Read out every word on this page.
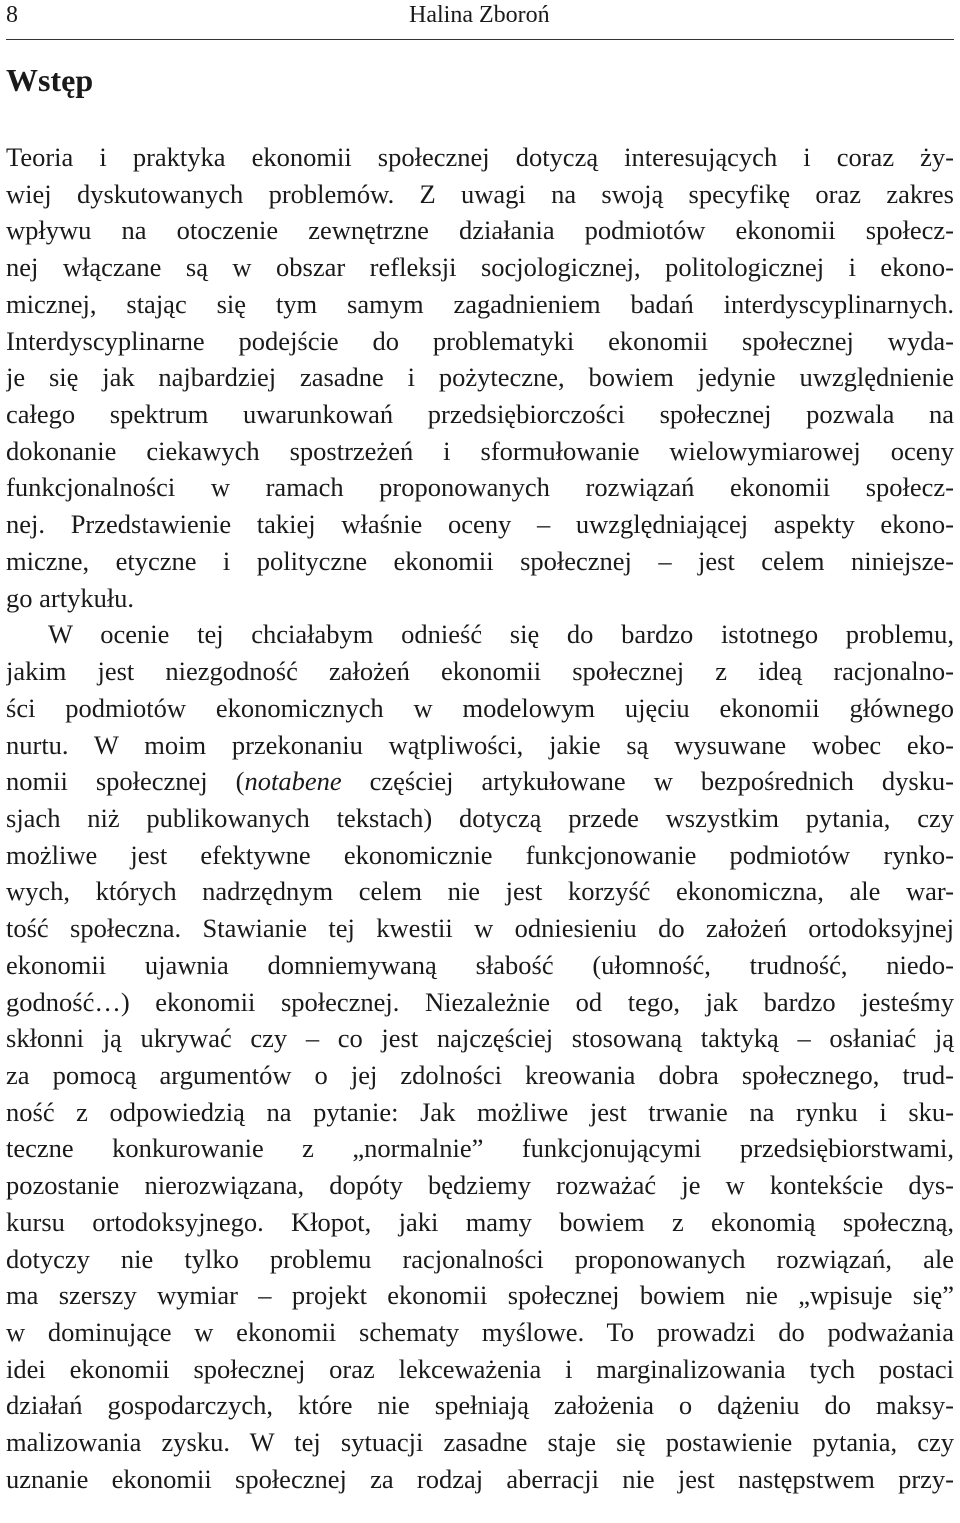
8	Halina Zboroń
Wstęp
Teoria i praktyka ekonomii społecznej dotyczą interesujących i coraz ży-
wiej dyskutowanych problemów. Z uwagi na swoją specyfikę oraz zakres
wpływu na otoczenie zewnętrzne działania podmiotów ekonomii społecz-
nej włączane są w obszar refleksji socjologicznej, politologicznej i ekono-
micznej, stając się tym samym zagadnieniem badań interdyscyplinarnych.
Interdyscyplinarne podejście do problematyki ekonomii społecznej wyda-
je się jak najbardziej zasadne i pożyteczne, bowiem jedynie uwzględnienie
całego spektrum uwarunkowań przedsiębiorczości społecznej pozwala na
dokonanie ciekawych spostrzeżeń i sformułowanie wielowymiarowej oceny
funkcjonalności w ramach proponowanych rozwiązań ekonomii społecz-
nej. Przedstawienie takiej właśnie oceny – uwzględniającej aspekty ekono-
miczne, etyczne i polityczne ekonomii społecznej – jest celem niniejsze-
go artykułu.
W ocenie tej chciałabym odnieść się do bardzo istotnego problemu,
jakim jest niezgodność założeń ekonomii społecznej z ideą racjonalno-
ści podmiotów ekonomicznych w modelowym ujęciu ekonomii głównego
nurtu. W moim przekonaniu wątpliwości, jakie są wysuwane wobec eko-
nomii społecznej (notabene częściej artykułowane w bezpośrednich dysku-
sjach niż publikowanych tekstach) dotyczą przede wszystkim pytania, czy
możliwe jest efektywne ekonomicznie funkcjonowanie podmiotów rynko-
wych, których nadrzędnym celem nie jest korzyść ekonomiczna, ale war-
tość społeczna. Stawianie tej kwestii w odniesieniu do założeń ortodoksyjnej
ekonomii ujawnia domniemywaną słabość (ułomność, trudność, niedo-
godność…) ekonomii społecznej. Niezależnie od tego, jak bardzo jesteśmy
skłonni ją ukrywać czy – co jest najczęściej stosowaną taktyką – osłaniać ją
za pomocą argumentów o jej zdolności kreowania dobra społecznego, trud-
ność z odpowiedzią na pytanie: Jak możliwe jest trwanie na rynku i sku-
teczne konkurowanie z „normalnie” funkcjonującymi przedsiębiorstwami,
pozostanie nierozwiązana, dopóty będziemy rozważać je w kontekście dys-
kursu ortodoksyjnego. Kłopot, jaki mamy bowiem z ekonomią społeczną,
dotyczy nie tylko problemu racjonalności proponowanych rozwiązań, ale
ma szerszy wymiar – projekt ekonomii społecznej bowiem nie „wpisuje się”
w dominujące w ekonomii schematy myślowe. To prowadzi do podważania
idei ekonomii społecznej oraz lekceważenia i marginalizowania tych postaci
działań gospodarczych, które nie spełniają założenia o dążeniu do maksy-
malizowania zysku. W tej sytuacji zasadne staje się postawienie pytania, czy
uznanie ekonomii społecznej za rodzaj aberracji nie jest następstwem przy-
